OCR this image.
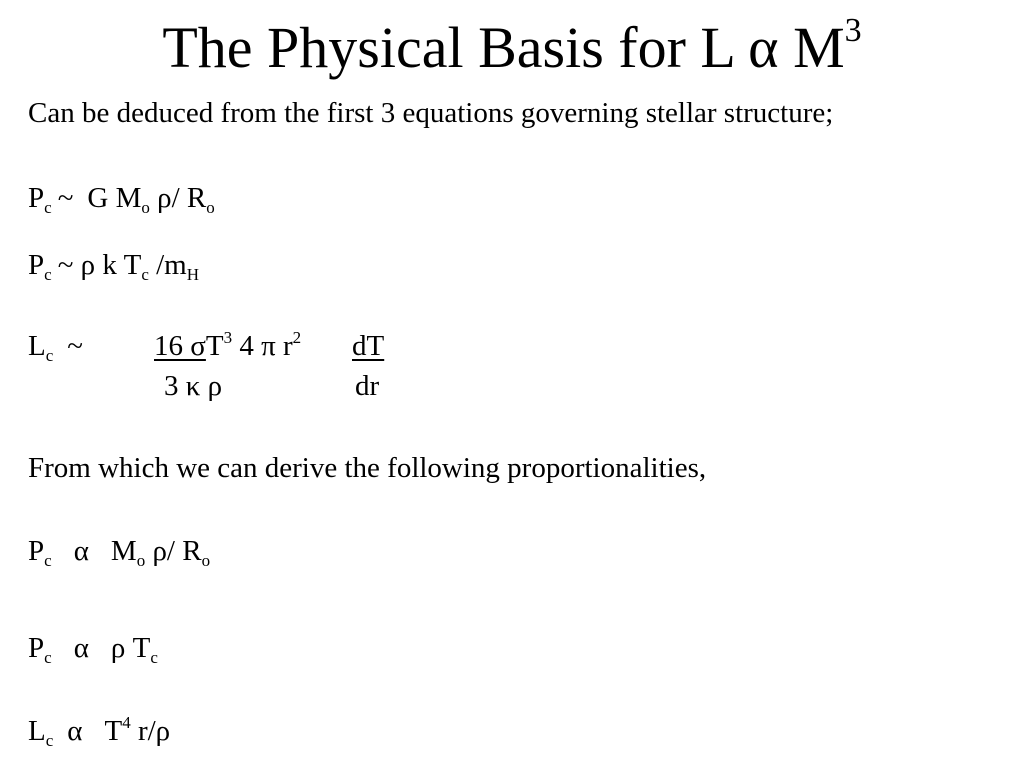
The Physical Basis for L α $M^3$
Can be deduced from the first 3 equations governing stellar structure;
$P_c$ ~ G $M_o$ ρ/ $R_o$
$P_c$ ~ ρ k $T_c$ $/m_H$
$L_c$ ~ 16 $\sigma T^3$ 4 π $r^2$ dT
3 κ ρ	dr
From which we can derive the following proportionalities,
$P_c$ α $M_o$ ρ/ $R_o$
$P_c$ α ρ $T_c$
$L_c$ α $T^4$ r/ρ
